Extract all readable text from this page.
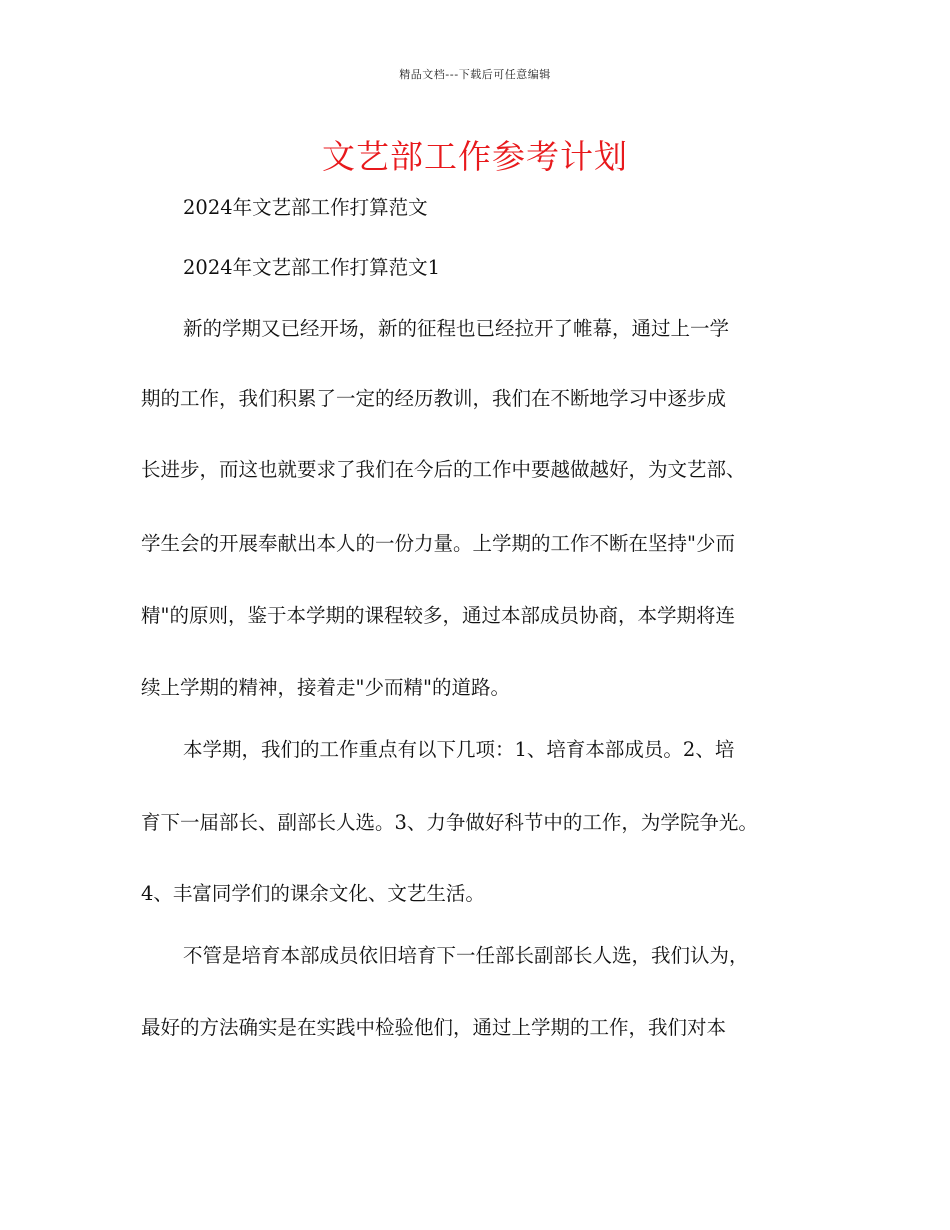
精品文档---下载后可任意编辑
文艺部工作参考计划
2024年文艺部工作打算范文
2024年文艺部工作打算范文1
新的学期又已经开场，新的征程也已经拉开了帷幕，通过上一学
期的工作，我们积累了一定的经历教训，我们在不断地学习中逐步成
长进步，而这也就要求了我们在今后的工作中要越做越好，为文艺部、
学生会的开展奉献出本人的一份力量。上学期的工作不断在坚持"少而
精"的原则，鉴于本学期的课程较多，通过本部成员协商，本学期将连
续上学期的精神，接着走"少而精"的道路。
本学期，我们的工作重点有以下几项：1、培育本部成员。2、培
育下一届部长、副部长人选。3、力争做好科节中的工作，为学院争光。
4、丰富同学们的课余文化、文艺生活。
不管是培育本部成员依旧培育下一任部长副部长人选，我们认为，
最好的方法确实是在实践中检验他们，通过上学期的工作，我们对本
